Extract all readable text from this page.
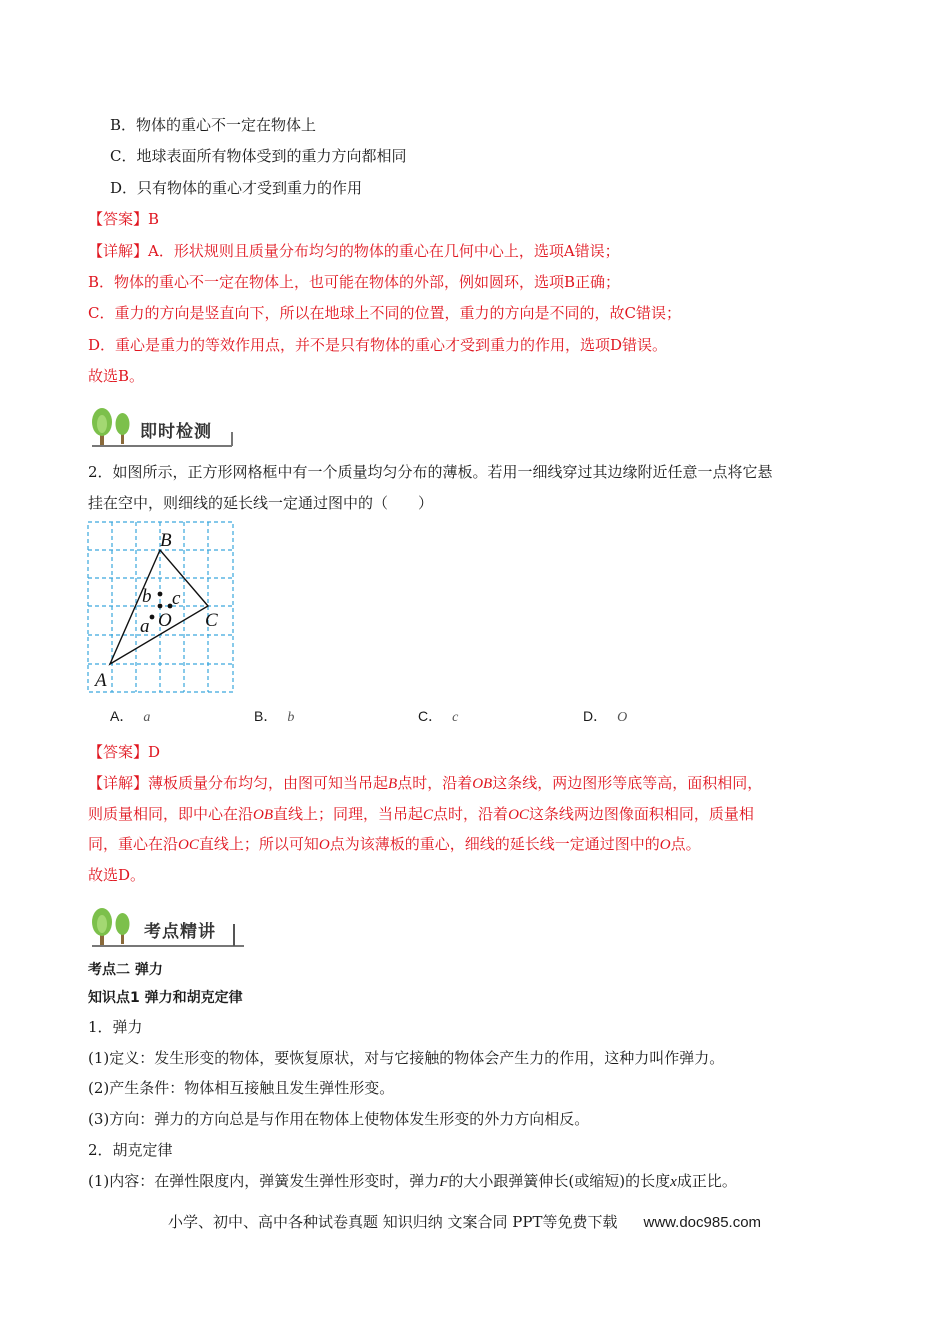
B．物体的重心不一定在物体上
C．地球表面所有物体受到的重力方向都相同
D．只有物体的重心才受到重力的作用
【答案】B
【详解】A．形状规则且质量分布均匀的物体的重心在几何中心上，选项A错误；
B．物体的重心不一定在物体上，也可能在物体的外部，例如圆环，选项B正确；
C．重力的方向是竖直向下，所以在地球上不同的位置，重力的方向是不同的，故C错误；
D．重心是重力的等效作用点，并不是只有物体的重心才受到重力的作用，选项D错误。
故选B。
即时检测
2．如图所示，正方形网格框中有一个质量均匀分布的薄板。若用一细线穿过其边缘附近任意一点将它悬
挂在空中，则细线的延长线一定通过图中的（　　）
B
C
A
b c
O
a
A． a	B． b	C． c	D． O
【答案】D
【详解】薄板质量分布均匀，由图可知当吊起B点时，沿着OB这条线，两边图形等底等高，面积相同，
则质量相同，即中心在沿OB直线上；同理，当吊起C点时，沿着OC这条线两边图像面积相同，质量相
同，重心在沿OC直线上；所以可知O点为该薄板的重心，细线的延长线一定通过图中的O点。
故选D。
考点精讲
考点二 弹力
知识点1 弹力和胡克定律
1．弹力
(1)定义：发生形变的物体，要恢复原状，对与它接触的物体会产生力的作用，这种力叫作弹力。
(2)产生条件：物体相互接触且发生弹性形变。
(3)方向：弹力的方向总是与作用在物体上使物体发生形变的外力方向相反。
2．胡克定律
(1)内容：在弹性限度内，弹簧发生弹性形变时，弹力F的大小跟弹簧伸长(或缩短)的长度x成正比。
小学、初中、高中各种试卷真题 知识归纳 文案合同 PPT等免费下载 www.doc985.com
